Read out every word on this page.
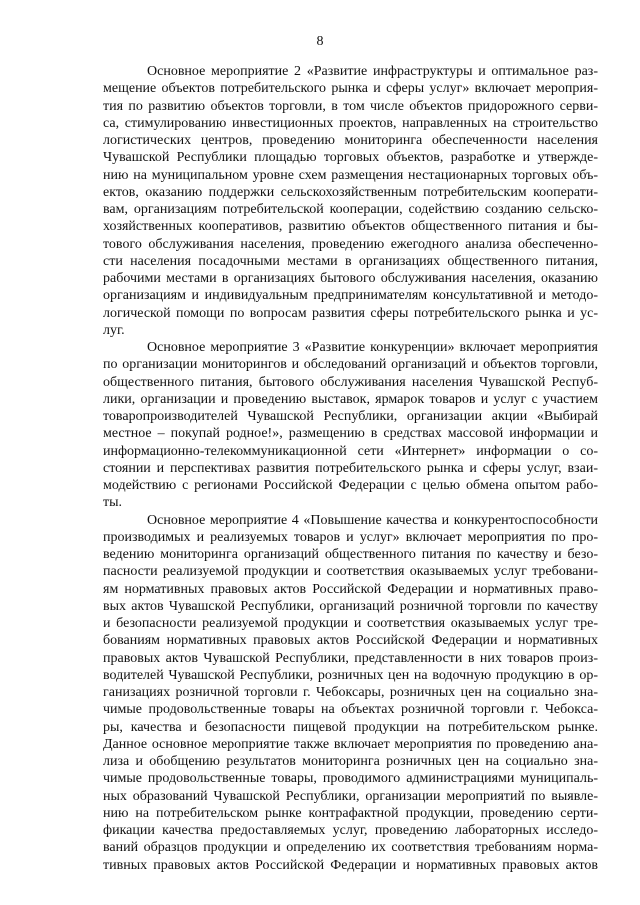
8
Основное мероприятие 2 «Развитие инфраструктуры и оптимальное раз-
мещение объектов потребительского рынка и сферы услуг» включает мероприя-
тия по развитию объектов торговли, в том числе объектов придорожного серви-
са, стимулированию инвестиционных проектов, направленных на строительство
логистических центров, проведению мониторинга обеспеченности населения
Чувашской Республики площадью торговых объектов, разработке и утвержде-
нию на муниципальном уровне схем размещения нестационарных торговых объ-
ектов, оказанию поддержки сельскохозяйственным потребительским кооперати-
вам, организациям потребительской кооперации, содействию созданию сельско-
хозяйственных кооперативов, развитию объектов общественного питания и бы-
тового обслуживания населения, проведению ежегодного анализа обеспеченно-
сти населения посадочными местами в организациях общественного питания,
рабочими местами в организациях бытового обслуживания населения, оказанию
организациям и индивидуальным предпринимателям консультативной и методо-
логической помощи по вопросам развития сферы потребительского рынка и ус-
луг.
Основное мероприятие 3 «Развитие конкуренции» включает мероприятия
по организации мониторингов и обследований организаций и объектов торговли,
общественного питания, бытового обслуживания населения Чувашской Респуб-
лики, организации и проведению выставок, ярмарок товаров и услуг с участием
товаропроизводителей Чувашской Республики, организации акции «Выбирай
местное – покупай родное!», размещению в средствах массовой информации и
информационно-телекоммуникационной сети «Интернет» информации о со-
стоянии и перспективах развития потребительского рынка и сферы услуг, взаи-
модействию с регионами Российской Федерации с целью обмена опытом рабо-
ты.
Основное мероприятие 4 «Повышение качества и конкурентоспособности
производимых и реализуемых товаров и услуг» включает мероприятия по про-
ведению мониторинга организаций общественного питания по качеству и безо-
пасности реализуемой продукции и соответствия оказываемых услуг требовани-
ям нормативных правовых актов Российской Федерации и нормативных право-
вых актов Чувашской Республики, организаций розничной торговли по качеству
и безопасности реализуемой продукции и соответствия оказываемых услуг тре-
бованиям нормативных правовых актов Российской Федерации и нормативных
правовых актов Чувашской Республики, представленности в них товаров произ-
водителей Чувашской Республики, розничных цен на водочную продукцию в ор-
ганизациях розничной торговли г. Чебоксары, розничных цен на социально зна-
чимые продовольственные товары на объектах розничной торговли г. Чебокса-
ры, качества и безопасности пищевой продукции на потребительском рынке.
Данное основное мероприятие также включает мероприятия по проведению ана-
лиза и обобщению результатов мониторинга розничных цен на социально зна-
чимые продовольственные товары, проводимого администрациями муниципаль-
ных образований Чувашской Республики, организации мероприятий по выявле-
нию на потребительском рынке контрафактной продукции, проведению серти-
фикации качества предоставляемых услуг, проведению лабораторных исследо-
ваний образцов продукции и определению их соответствия требованиям норма-
тивных правовых актов Российской Федерации и нормативных правовых актов
